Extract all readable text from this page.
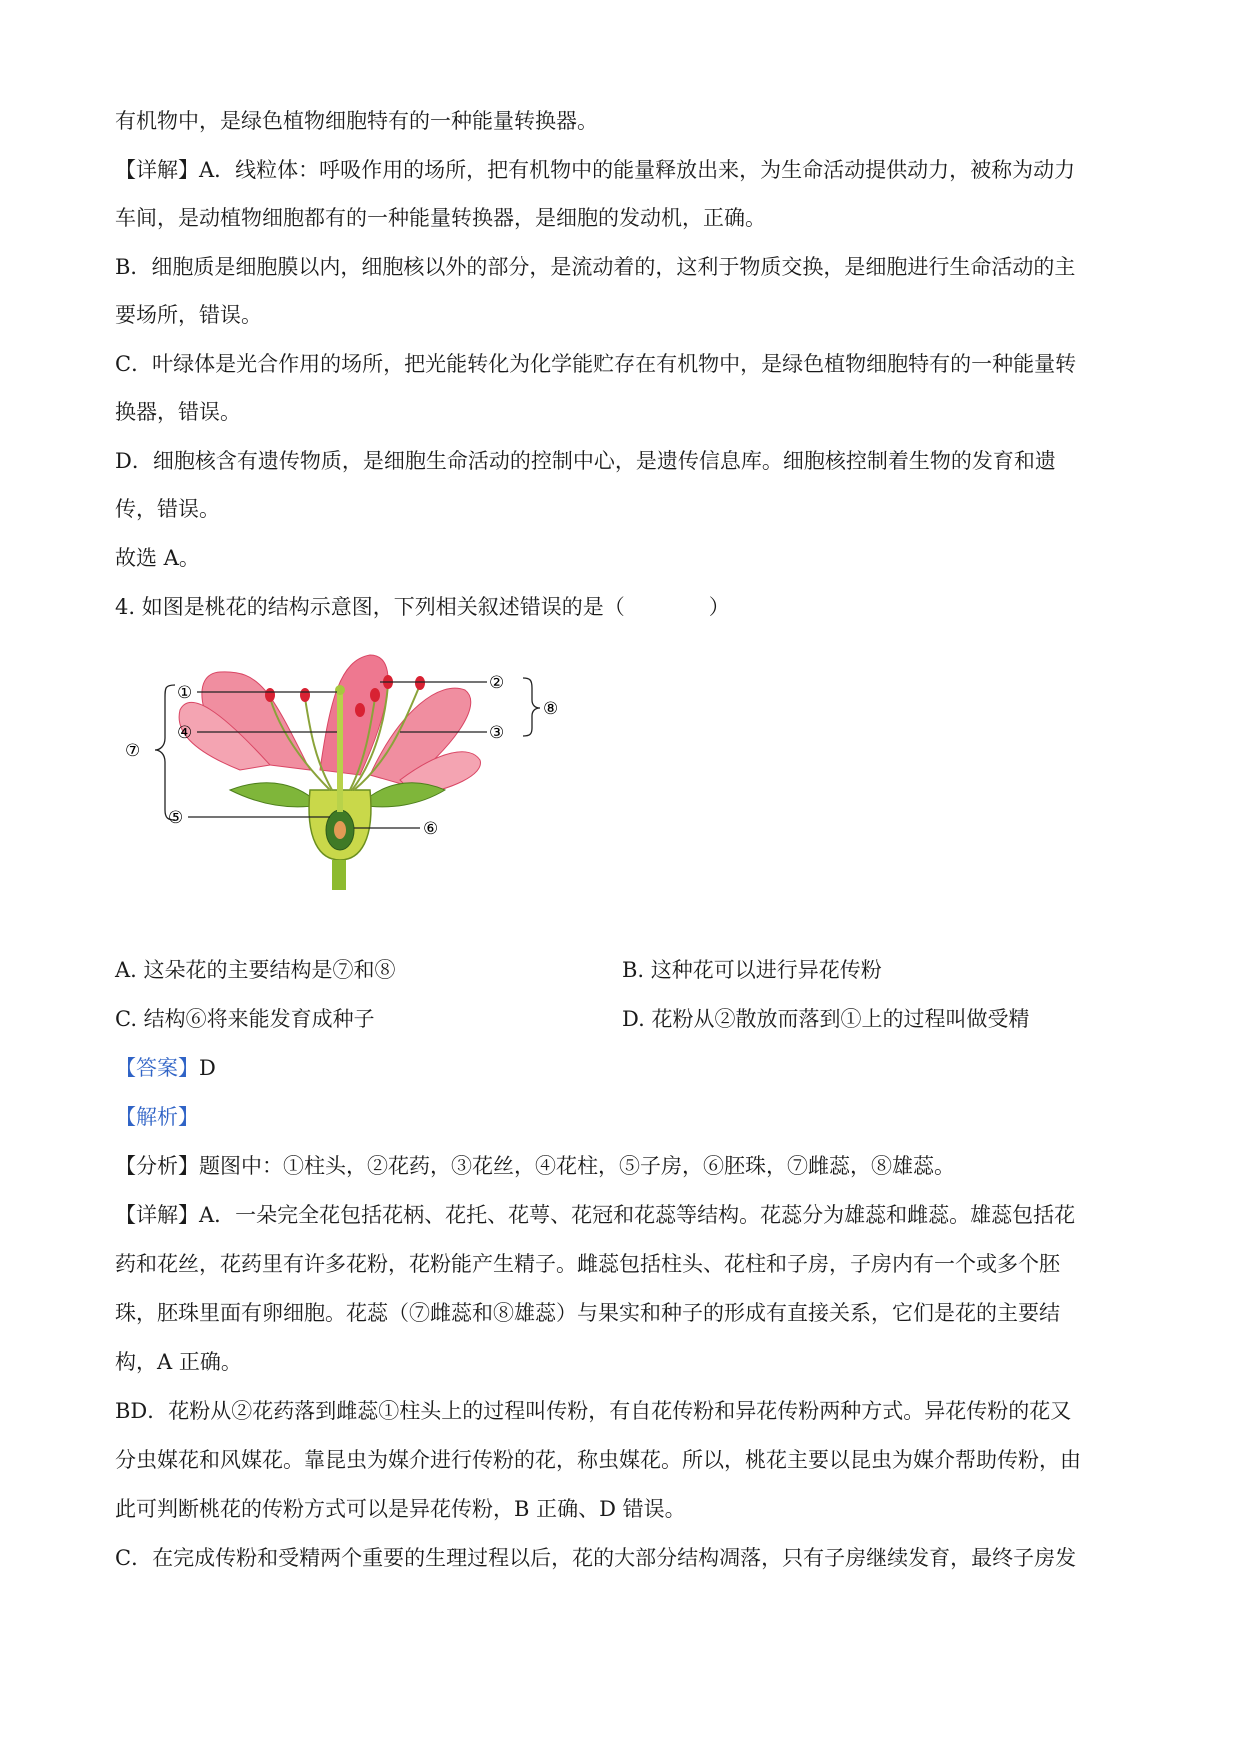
有机物中，是绿色植物细胞特有的一种能量转换器。
【详解】A．线粒体：呼吸作用的场所，把有机物中的能量释放出来，为生命活动提供动力，被称为动力
车间，是动植物细胞都有的一种能量转换器，是细胞的发动机，正确。
B．细胞质是细胞膜以内，细胞核以外的部分，是流动着的，这利于物质交换，是细胞进行生命活动的主
要场所，错误。
C．叶绿体是光合作用的场所，把光能转化为化学能贮存在有机物中，是绿色植物细胞特有的一种能量转
换器，错误。
D．细胞核含有遗传物质，是细胞生命活动的控制中心，是遗传信息库。细胞核控制着生物的发育和遗
传，错误。
故选 A。
4. 如图是桃花的结构示意图，下列相关叙述错误的是（　　　　）
①	②
③
④
⑤
⑥
⑦
⑧
A. 这朵花的主要结构是⑦和⑧	B. 这种花可以进行异花传粉
C. 结构⑥将来能发育成种子	D. 花粉从②散放而落到①上的过程叫做受精
【答案】D
【解析】
【分析】题图中：①柱头，②花药，③花丝，④花柱，⑤子房，⑥胚珠，⑦雌蕊，⑧雄蕊。
【详解】A．一朵完全花包括花柄、花托、花萼、花冠和花蕊等结构。花蕊分为雄蕊和雌蕊。雄蕊包括花
药和花丝，花药里有许多花粉，花粉能产生精子。雌蕊包括柱头、花柱和子房，子房内有一个或多个胚
珠，胚珠里面有卵细胞。花蕊（⑦雌蕊和⑧雄蕊）与果实和种子的形成有直接关系，它们是花的主要结
构，A 正确。
BD．花粉从②花药落到雌蕊①柱头上的过程叫传粉，有自花传粉和异花传粉两种方式。异花传粉的花又
分虫媒花和风媒花。靠昆虫为媒介进行传粉的花，称虫媒花。所以，桃花主要以昆虫为媒介帮助传粉，由
此可判断桃花的传粉方式可以是异花传粉，B 正确、D 错误。
C．在完成传粉和受精两个重要的生理过程以后，花的大部分结构凋落，只有子房继续发育，最终子房发
